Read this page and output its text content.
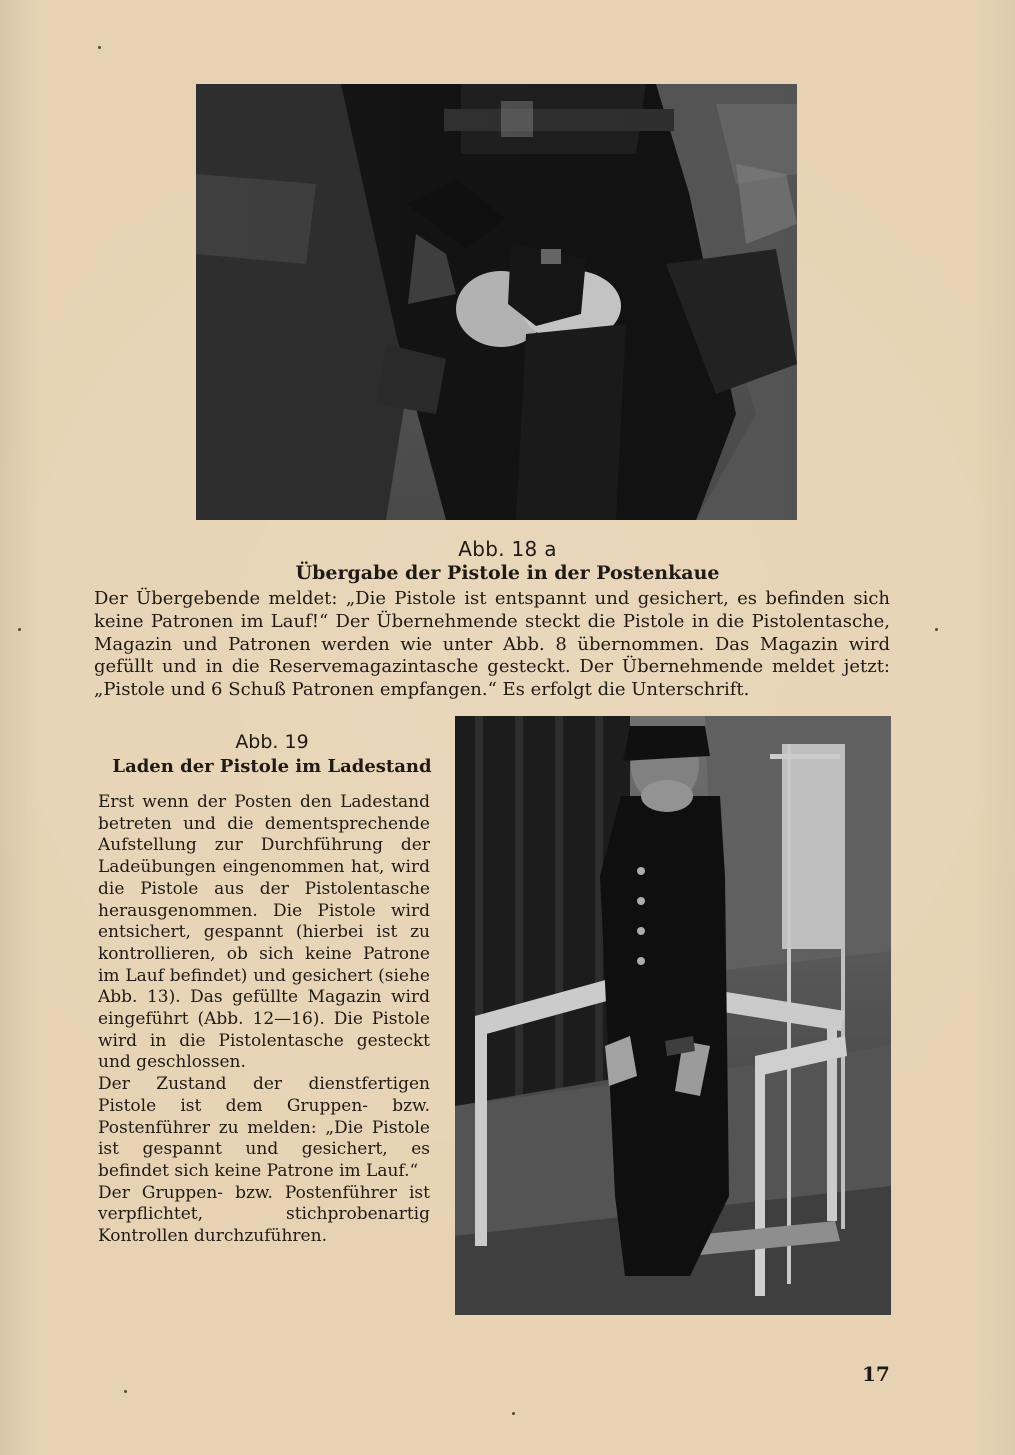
Abb. 18 a
Übergabe der Pistole in der Postenkaue
Der Übergebende meldet: „Die Pistole ist entspannt und gesichert, es befinden sich keine Patronen im Lauf!“ Der Übernehmende steckt die Pistole in die Pistolentasche, Magazin und Patronen werden wie unter Abb. 8 übernommen. Das Magazin wird gefüllt und in die Reservemagazintasche gesteckt. Der Übernehmende meldet jetzt: „Pistole und 6 Schuß Patronen empfangen.“ Es erfolgt die Unterschrift.
Abb. 19
Laden der Pistole im Ladestand
Erst wenn der Posten den Ladestand betreten und die dementsprechende Aufstellung zur Durchführung der Ladeübungen eingenommen hat, wird die Pistole aus der Pistolentasche herausgenommen. Die Pistole wird entsichert, gespannt (hierbei ist zu kontrollieren, ob sich keine Patrone im Lauf befindet) und gesichert (siehe Abb. 13). Das gefüllte Magazin wird eingeführt (Abb. 12—16). Die Pistole wird in die Pistolentasche gesteckt und geschlossen.
Der Zustand der dienstfertigen Pistole ist dem Gruppen- bzw. Postenführer zu melden: „Die Pistole ist gespannt und gesichert, es befindet sich keine Patrone im Lauf.“
Der Gruppen- bzw. Postenführer ist verpflichtet, stichprobenartig Kontrollen durchzuführen.
17
